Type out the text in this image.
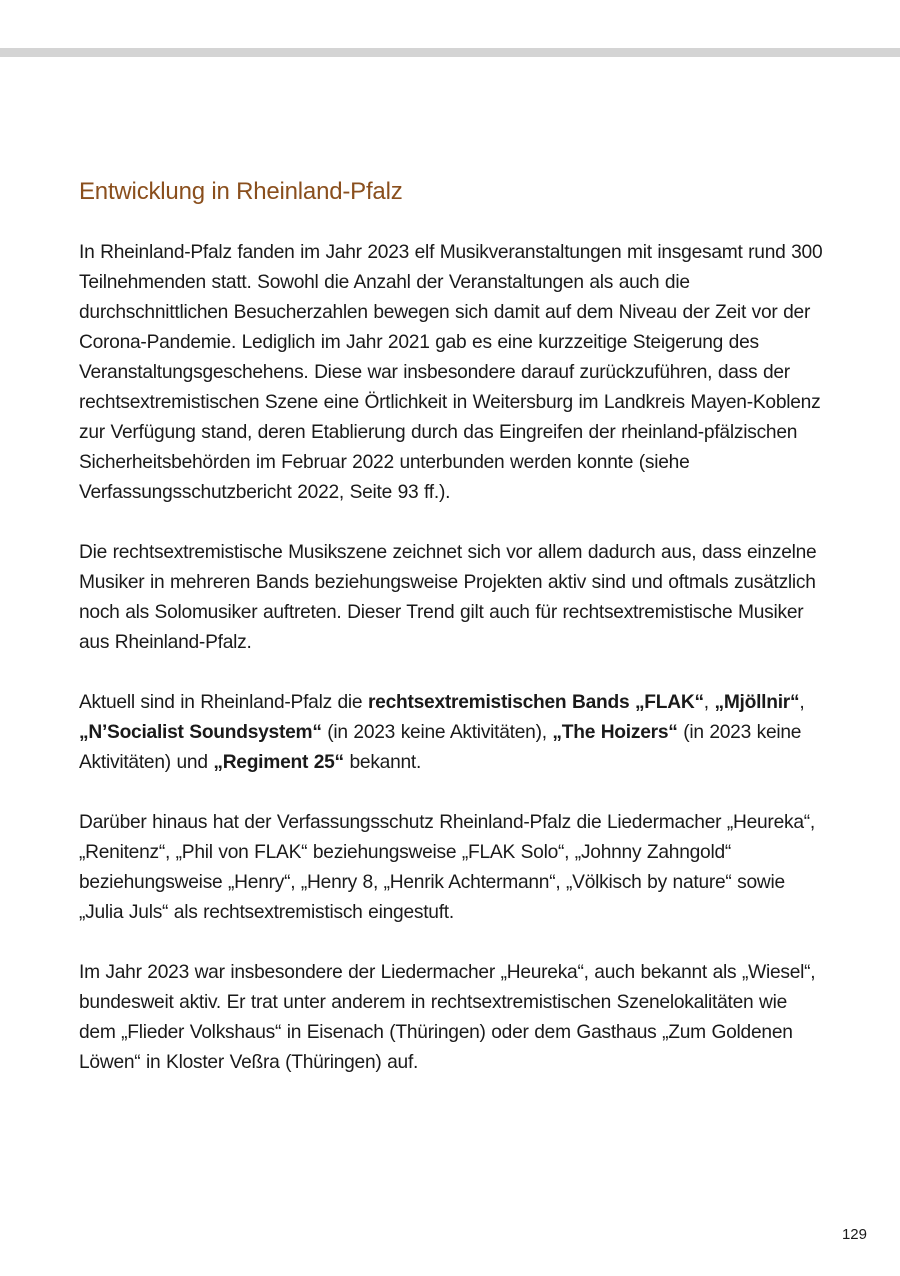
Entwicklung in Rheinland-Pfalz

In Rheinland-Pfalz fanden im Jahr 2023 elf Musikveranstaltungen mit insgesamt rund 300 Teilnehmenden statt. Sowohl die Anzahl der Veranstaltungen als auch die durchschnittlichen Besucherzahlen bewegen sich damit auf dem Niveau der Zeit vor der Corona-Pandemie. Lediglich im Jahr 2021 gab es eine kurzzeitige Steigerung des Veranstaltungsgeschehens. Diese war insbesondere darauf zurückzuführen, dass der rechtsextremistischen Szene eine Örtlichkeit in Weitersburg im Landkreis Mayen-Koblenz zur Verfügung stand, deren Etablierung durch das Eingreifen der rheinland-pfälzischen Sicherheitsbehörden im Februar 2022 unterbunden werden konnte (siehe Verfassungsschutzbericht 2022, Seite 93 ff.).

Die rechtsextremistische Musikszene zeichnet sich vor allem dadurch aus, dass einzelne Musiker in mehreren Bands beziehungsweise Projekten aktiv sind und oftmals zusätzlich noch als Solomusiker auftreten. Dieser Trend gilt auch für rechtsextremistische Musiker aus Rheinland-Pfalz.

Aktuell sind in Rheinland-Pfalz die rechtsextremistischen Bands „FLAK“, „Mjöllnir“, „N’Socialist Soundsystem“ (in 2023 keine Aktivitäten), „The Hoizers“ (in 2023 keine Aktivitäten) und „Regiment 25“ bekannt.

Darüber hinaus hat der Verfassungsschutz Rheinland-Pfalz die Liedermacher „Heureka“, „Renitenz“, „Phil von FLAK“ beziehungsweise „FLAK Solo“, „Johnny Zahngold“ beziehungsweise „Henry“, „Henry 8, „Henrik Achtermann“, „Völkisch by nature“ sowie „Julia Juls“ als rechtsextremistisch eingestuft.

Im Jahr 2023 war insbesondere der Liedermacher „Heureka“, auch bekannt als „Wiesel“, bundesweit aktiv. Er trat unter anderem in rechtsextremistischen Szenelokalitäten wie dem „Flieder Volkshaus“ in Eisenach (Thüringen) oder dem Gasthaus „Zum Goldenen Löwen“ in Kloster Veßra (Thüringen) auf.

129
